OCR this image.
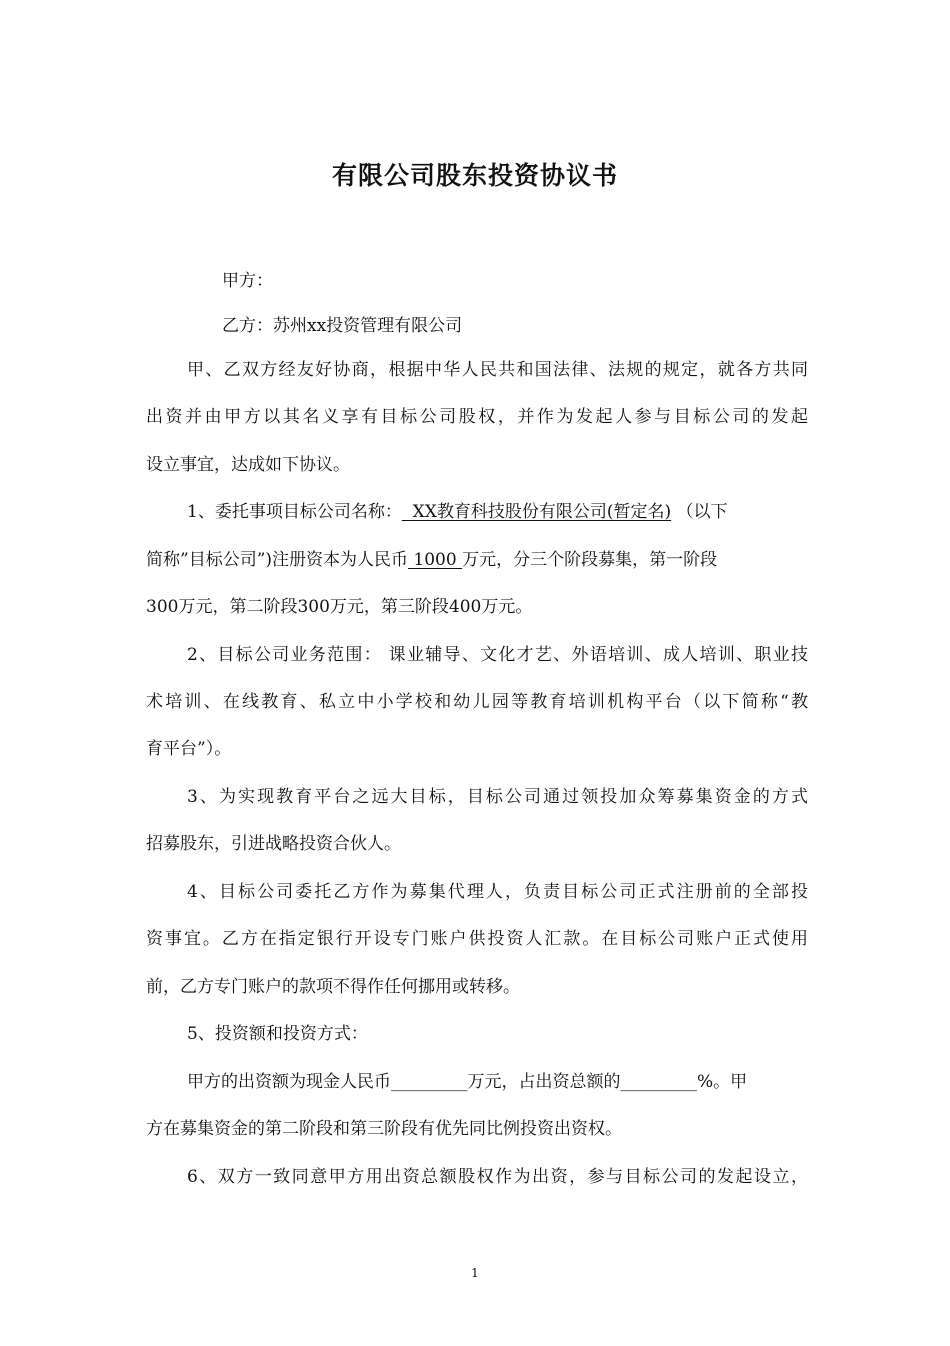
有限公司股东投资协议书
甲方：
乙方：苏州xx投资管理有限公司
甲、乙双方经友好协商，根据中华人民共和国法律、法规的规定，就各方共同
出资并由甲方以其名义享有目标公司股权，并作为发起人参与目标公司的发起
设立事宜，达成如下协议。
1、委托事项目标公司名称：  XX教育科技股份有限公司(暂定名) （以下
简称”目标公司”)注册资本为人民币 1000 万元，分三个阶段募集，第一阶段
300万元，第二阶段300万元，第三阶段400万元。
2、目标公司业务范围： 课业辅导、文化才艺、外语培训、成人培训、职业技
术培训、在线教育、私立中小学校和幼儿园等教育培训机构平台（以下简称“教
育平台”）。
3、为实现教育平台之远大目标，目标公司通过领投加众筹募集资金的方式
招募股东，引进战略投资合伙人。
4、目标公司委托乙方作为募集代理人，负责目标公司正式注册前的全部投
资事宜。乙方在指定银行开设专门账户供投资人汇款。在目标公司账户正式使用
前，乙方专门账户的款项不得作任何挪用或转移。
5、投资额和投资方式：
甲方的出资额为现金人民币_________万元，占出资总额的_________%。甲
方在募集资金的第二阶段和第三阶段有优先同比例投资出资权。
6、双方一致同意甲方用出资总额股权作为出资，参与目标公司的发起设立，
1
